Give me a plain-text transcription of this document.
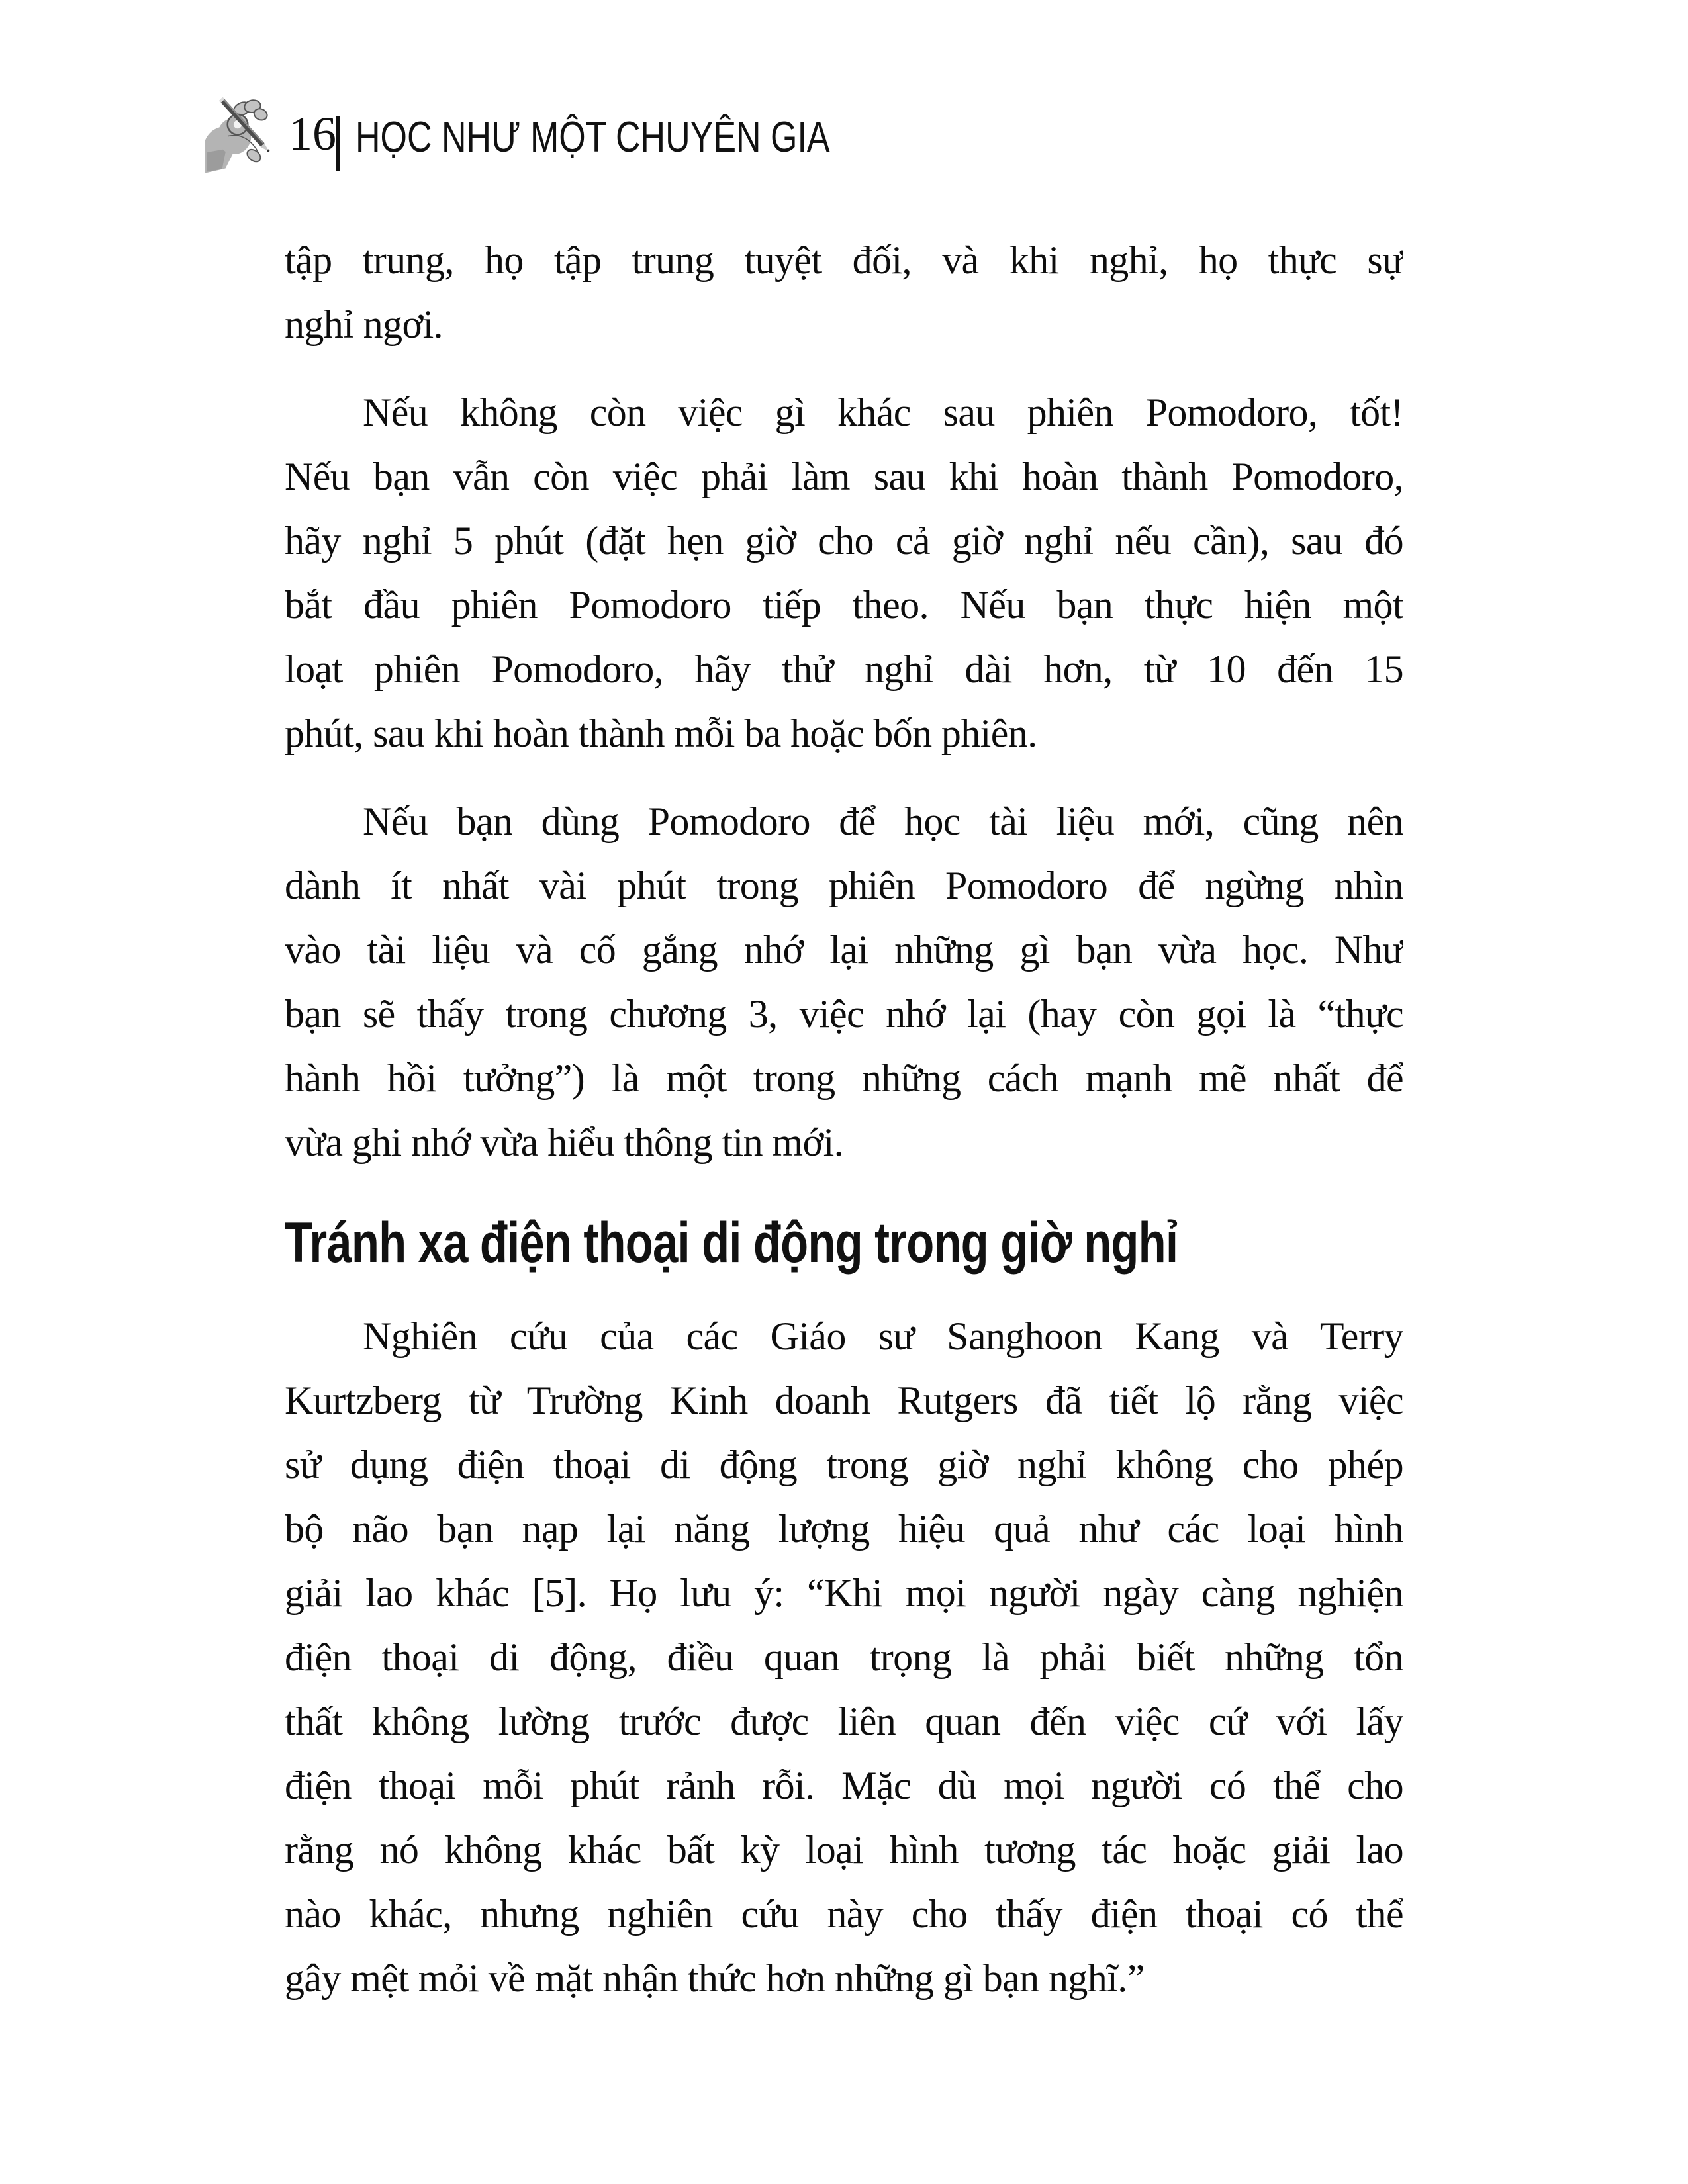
16 HỌC NHƯ MỘT CHUYÊN GIA
tập trung, họ tập trung tuyệt đối, và khi nghỉ, họ thực sự
nghỉ ngơi.
Nếu không còn việc gì khác sau phiên Pomodoro, tốt!
Nếu bạn vẫn còn việc phải làm sau khi hoàn thành Pomodoro,
hãy nghỉ 5 phút (đặt hẹn giờ cho cả giờ nghỉ nếu cần), sau đó
bắt đầu phiên Pomodoro tiếp theo. Nếu bạn thực hiện một
loạt phiên Pomodoro, hãy thử nghỉ dài hơn, từ 10 đến 15
phút, sau khi hoàn thành mỗi ba hoặc bốn phiên.
Nếu bạn dùng Pomodoro để học tài liệu mới, cũng nên
dành ít nhất vài phút trong phiên Pomodoro để ngừng nhìn
vào tài liệu và cố gắng nhớ lại những gì bạn vừa học. Như
bạn sẽ thấy trong chương 3, việc nhớ lại (hay còn gọi là “thực
hành hồi tưởng”) là một trong những cách mạnh mẽ nhất để
vừa ghi nhớ vừa hiểu thông tin mới.
Tránh xa điện thoại di động trong giờ nghỉ
Nghiên cứu của các Giáo sư Sanghoon Kang và Terry
Kurtzberg từ Trường Kinh doanh Rutgers đã tiết lộ rằng việc
sử dụng điện thoại di động trong giờ nghỉ không cho phép
bộ não bạn nạp lại năng lượng hiệu quả như các loại hình
giải lao khác [5]. Họ lưu ý: “Khi mọi người ngày càng nghiện
điện thoại di động, điều quan trọng là phải biết những tổn
thất không lường trước được liên quan đến việc cứ với lấy
điện thoại mỗi phút rảnh rỗi. Mặc dù mọi người có thể cho
rằng nó không khác bất kỳ loại hình tương tác hoặc giải lao
nào khác, nhưng nghiên cứu này cho thấy điện thoại có thể
gây mệt mỏi về mặt nhận thức hơn những gì bạn nghĩ.”
